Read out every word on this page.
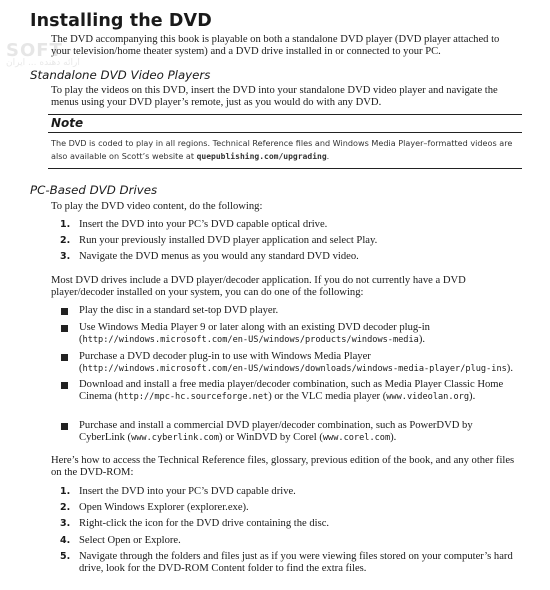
SOFT
ارائه دهنده ... ایران
Installing the DVD
The DVD accompanying this book is playable on both a standalone DVD player (DVD player attached to your television/home theater system) and a DVD drive installed in or connected to your PC.
Standalone DVD Video Players
To play the videos on this DVD, insert the DVD into your standalone DVD video player and navigate the menus using your DVD player’s remote, just as you would do with any DVD.
Note
The DVD is coded to play in all regions. Technical Reference files and Windows Media Player–formatted videos are also available on Scott’s website at quepublishing.com/upgrading.
PC-Based DVD Drives
To play the DVD video content, do the following:
1. Insert the DVD into your PC’s DVD capable optical drive.
2. Run your previously installed DVD player application and select Play.
3. Navigate the DVD menus as you would any standard DVD video.
Most DVD drives include a DVD player/decoder application. If you do not currently have a DVD player/decoder installed on your system, you can do one of the following:
Play the disc in a standard set-top DVD player.
Use Windows Media Player 9 or later along with an existing DVD decoder plug-in (http://windows.microsoft.com/en-US/windows/products/windows-media).
Purchase a DVD decoder plug-in to use with Windows Media Player (http://windows.microsoft.com/en-US/windows/downloads/windows-media-player/plug-ins).
Download and install a free media player/decoder combination, such as Media Player Classic Home Cinema (http://mpc-hc.sourceforge.net) or the VLC media player (www.videolan.org).
Purchase and install a commercial DVD player/decoder combination, such as PowerDVD by CyberLink (www.cyberlink.com) or WinDVD by Corel (www.corel.com).
Here’s how to access the Technical Reference files, glossary, previous edition of the book, and any other files on the DVD-ROM:
1. Insert the DVD into your PC’s DVD capable drive.
2. Open Windows Explorer (explorer.exe).
3. Right-click the icon for the DVD drive containing the disc.
4. Select Open or Explore.
5. Navigate through the folders and files just as if you were viewing files stored on your computer’s hard drive, look for the DVD-ROM Content folder to find the extra files.
